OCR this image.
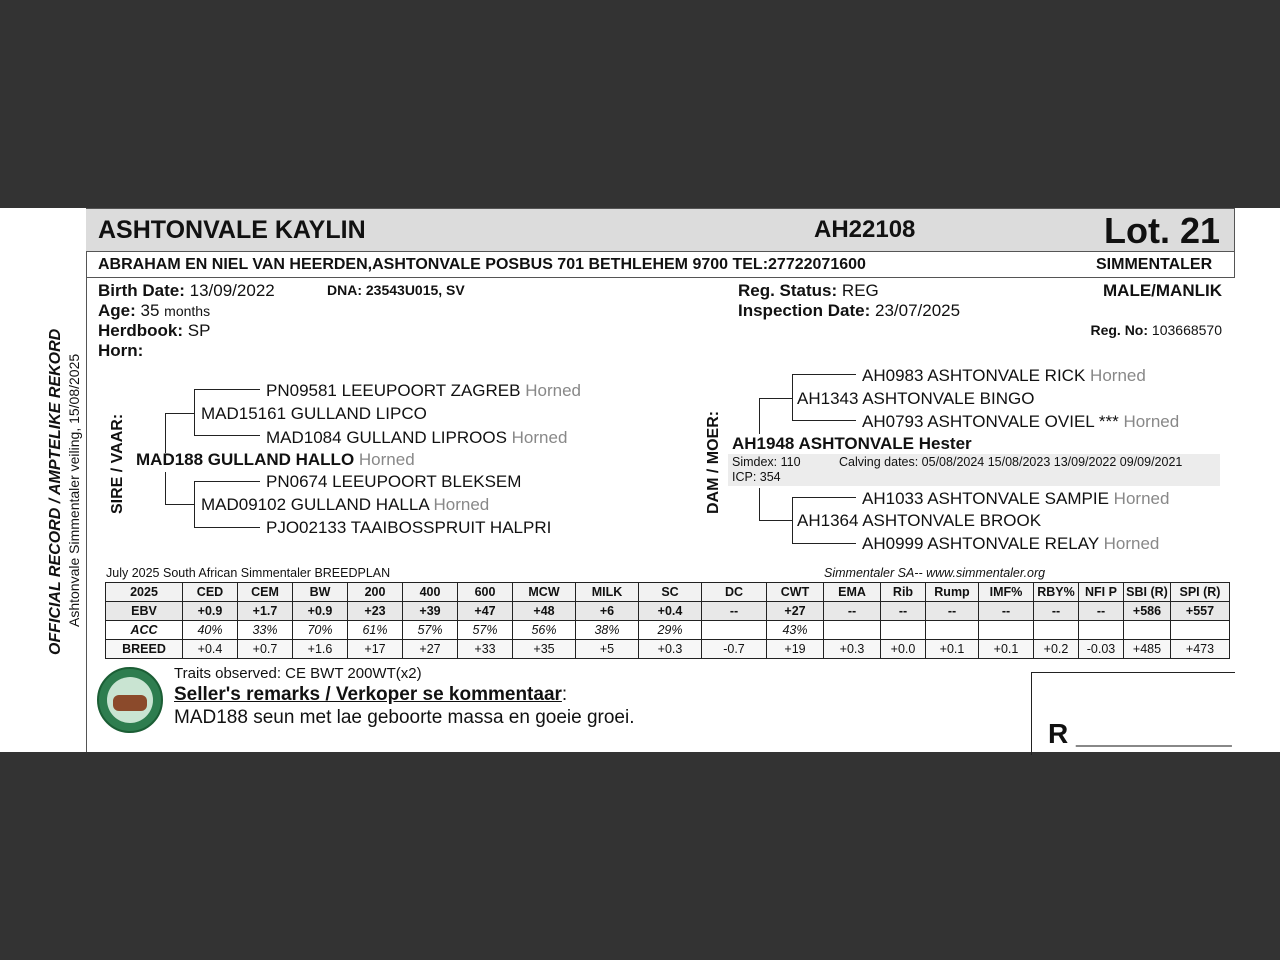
ASHTONVALE KAYLIN	AH22108	Lot. 21
ABRAHAM EN NIEL VAN HEERDEN,ASHTONVALE POSBUS 701 BETHLEHEM 9700 TEL:27722071600	SIMMENTALER
Birth Date: 13/09/2022	DNA: 23543U015, SV
Age: 35 months
Herdbook: SP
Horn:
Reg. Status: REG
Inspection Date: 23/07/2025
MALE/MANLIK
Reg. No: 103668570
OFFICIAL RECORD / AMPTELIKE REKORD Ashtonvale Simmentaler veiling, 15/08/2025 SIRE / VAAR:
PN09581 LEEUPOORT ZAGREB Horned
MAD15161 GULLAND LIPCO
MAD1084 GULLAND LIPROOS Horned
MAD188 GULLAND HALLO Horned
PN0674 LEEUPOORT BLEKSEM
MAD09102 GULLAND HALLA Horned
PJO02133 TAAIBOSSPRUIT HALPRI
DAM / MOER:
AH0983 ASHTONVALE RICK Horned
AH1343 ASHTONVALE BINGO
AH0793 ASHTONVALE OVIEL *** Horned
AH1948 ASHTONVALE Hester
Simdex: 110	Calving dates: 05/08/2024 15/08/2023 13/09/2022 09/09/2021
ICP: 354
AH1033 ASHTONVALE SAMPIE Horned
AH1364 ASHTONVALE BROOK
AH0999 ASHTONVALE RELAY Horned
July 2025 South African Simmentaler BREEDPLAN	Simmentaler SA-- www.simmentaler.org
2025	CED	CEM	BW	200	400	600	MCW	MILK	SC	DC	CWT	EMA	Rib	Rump	IMF%	RBY%	NFI P	SBI (R)	SPI (R)
EBV	+0.9	+1.7	+0.9	+23	+39	+47	+48	+6	+0.4	--	+27	--	--	--	--	--	--	+586	+557
ACC	40%	33%	70%	61%	57%	57%	56%	38%	29%		43%								
BREED	+0.4	+0.7	+1.6	+17	+27	+33	+35	+5	+0.3	-0.7	+19	+0.3	+0.0	+0.1	+0.1	+0.2	-0.03	+485	+473
Traits observed: CE BWT 200WT(x2)
Seller's remarks / Verkoper se kommentaar:
MAD188 seun met lae geboorte massa en goeie groei.
R __________
